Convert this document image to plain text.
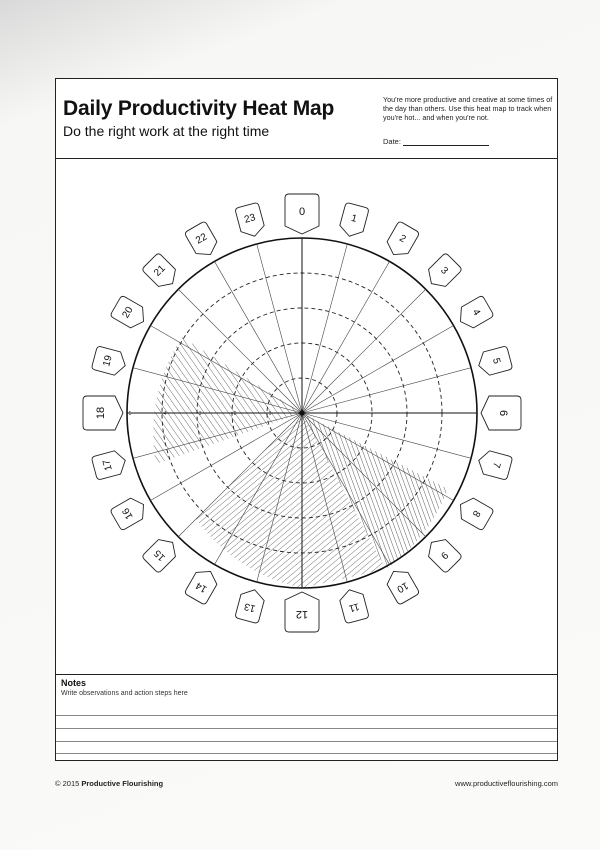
Daily Productivity Heat Map

Do the right work at the right time

You're more productive and creative at some times of the day than others. Use this heat map to track when you're hot... and when you're not.
Date:
5	4	3	2	1
0
1
2
3
4
5
6
7
8
9
10
11
12
13
14
15
16
17
18
19
20
21
22
23
Notes
Write observations and action steps here
© 2015 Productive Flourishing	www.productiveflourishing.com
